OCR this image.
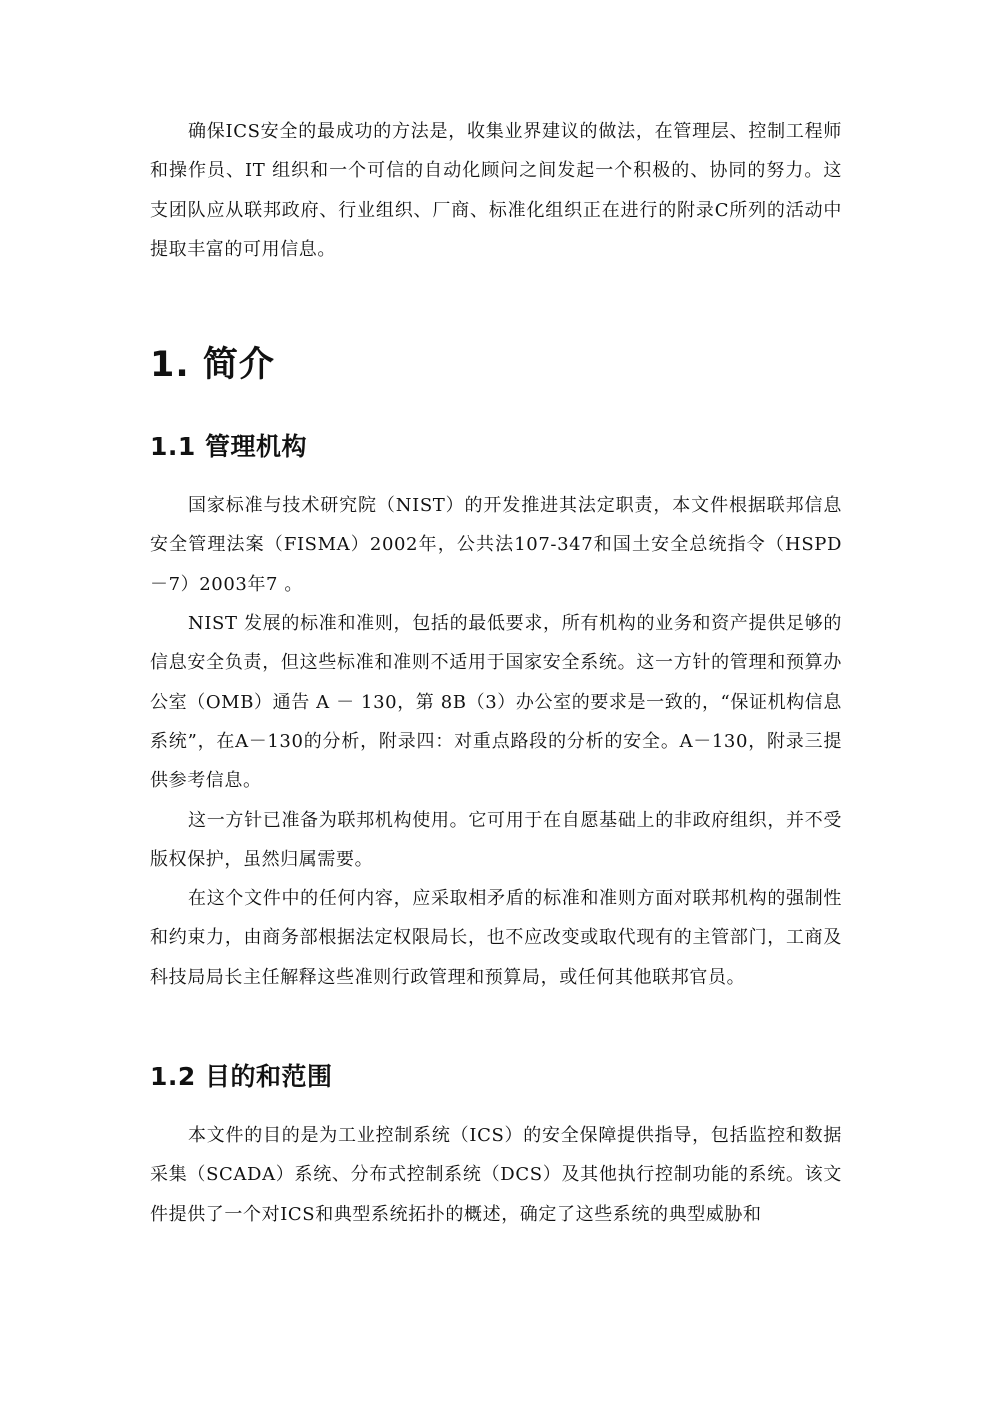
确保ICS安全的最成功的方法是，收集业界建议的做法，在管理层、控制工程师和操作员、IT 组织和一个可信的自动化顾问之间发起一个积极的、协同的努力。这支团队应从联邦政府、行业组织、厂商、标准化组织正在进行的附录C所列的活动中提取丰富的可用信息。

1. 简介
1.1 管理机构

国家标准与技术研究院（NIST）的开发推进其法定职责，本文件根据联邦信息安全管理法案（FISMA）2002年，公共法107-347和国土安全总统指令（HSPD－7）2003年7 。

NIST 发展的标准和准则，包括的最低要求，所有机构的业务和资产提供足够的信息安全负责，但这些标准和准则不适用于国家安全系统。这一方针的管理和预算办公室（OMB）通告 A － 130，第 8B（3）办公室的要求是一致的，“保证机构信息系统”，在A－130的分析，附录四：对重点路段的分析的安全。A－130，附录三提供参考信息。

这一方针已准备为联邦机构使用。它可用于在自愿基础上的非政府组织，并不受版权保护，虽然归属需要。

在这个文件中的任何内容，应采取相矛盾的标准和准则方面对联邦机构的强制性和约束力，由商务部根据法定权限局长，也不应改变或取代现有的主管部门，工商及科技局局长主任解释这些准则行政管理和预算局，或任何其他联邦官员。

1.2 目的和范围

本文件的目的是为工业控制系统（ICS）的安全保障提供指导，包括监控和数据采集（SCADA）系统、分布式控制系统（DCS）及其他执行控制功能的系统。该文件提供了一个对ICS和典型系统拓扑的概述，确定了这些系统的典型威胁和
